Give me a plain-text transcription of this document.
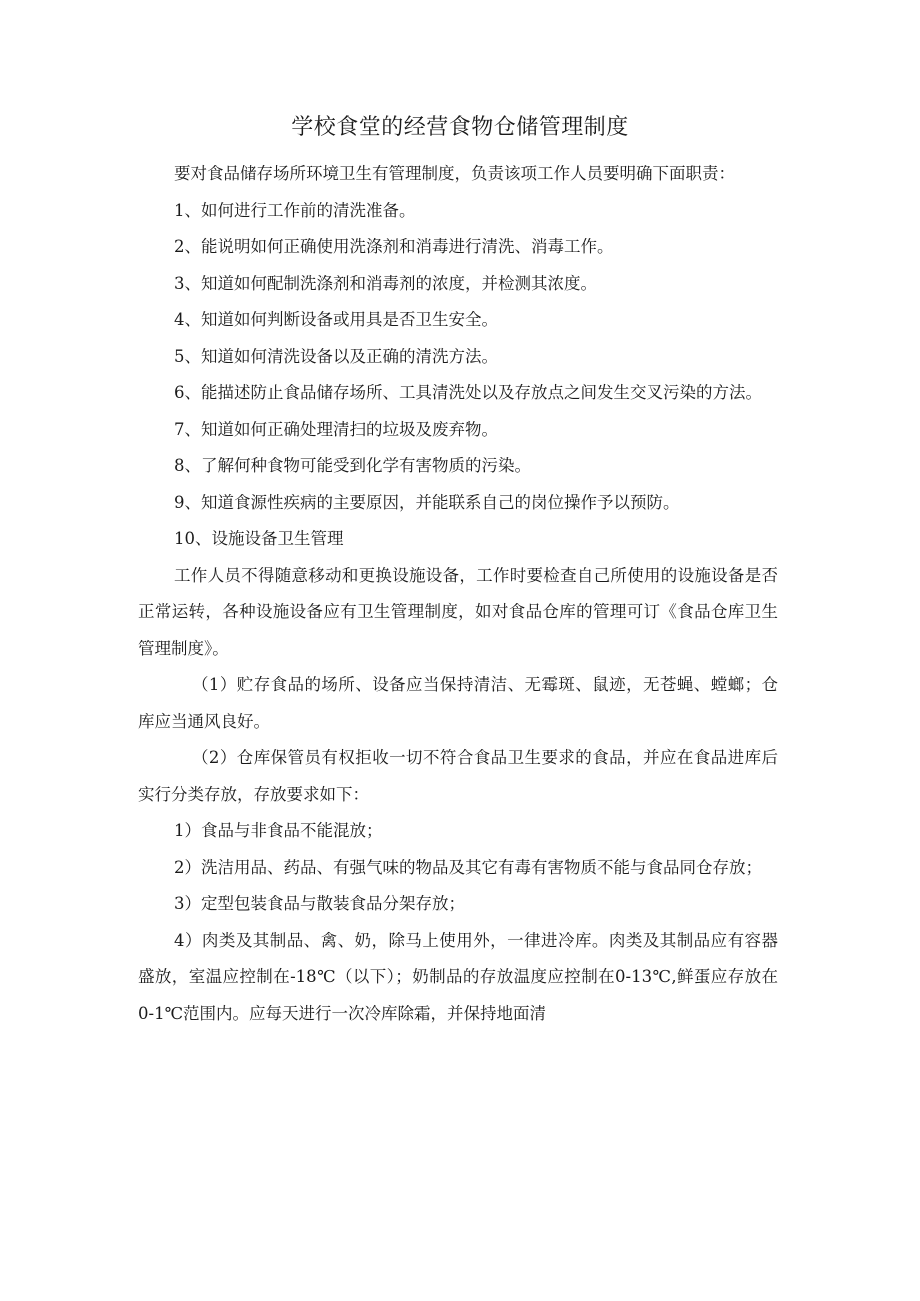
学校食堂的经营食物仓储管理制度

要对食品储存场所环境卫生有管理制度，负责该项工作人员要明确下面职责：

1、如何进行工作前的清洗准备。

2、能说明如何正确使用洗涤剂和消毒进行清洗、消毒工作。

3、知道如何配制洗涤剂和消毒剂的浓度，并检测其浓度。

4、知道如何判断设备或用具是否卫生安全。

5、知道如何清洗设备以及正确的清洗方法。

6、能描述防止食品储存场所、工具清洗处以及存放点之间发生交叉污染的方法。

7、知道如何正确处理清扫的垃圾及废弃物。

8、了解何种食物可能受到化学有害物质的污染。

9、知道食源性疾病的主要原因，并能联系自己的岗位操作予以预防。

10、设施设备卫生管理

工作人员不得随意移动和更换设施设备，工作时要检查自己所使用的设施设备是否正常运转，各种设施设备应有卫生管理制度，如对食品仓库的管理可订《食品仓库卫生管理制度》。

（1）贮存食品的场所、设备应当保持清洁、无霉斑、鼠迹，无苍蝇、螳螂；仓库应当通风良好。

（2）仓库保管员有权拒收一切不符合食品卫生要求的食品，并应在食品进库后实行分类存放，存放要求如下：

1）食品与非食品不能混放；

2）洗洁用品、药品、有强气味的物品及其它有毒有害物质不能与食品同仓存放；

3）定型包装食品与散装食品分架存放；

4）肉类及其制品、禽、奶，除马上使用外，一律进冷库。肉类及其制品应有容器盛放，室温应控制在-18℃（以下）；奶制品的存放温度应控制在0-13℃,鲜蛋应存放在0-1℃范围内。应每天进行一次冷库除霜，并保持地面清
